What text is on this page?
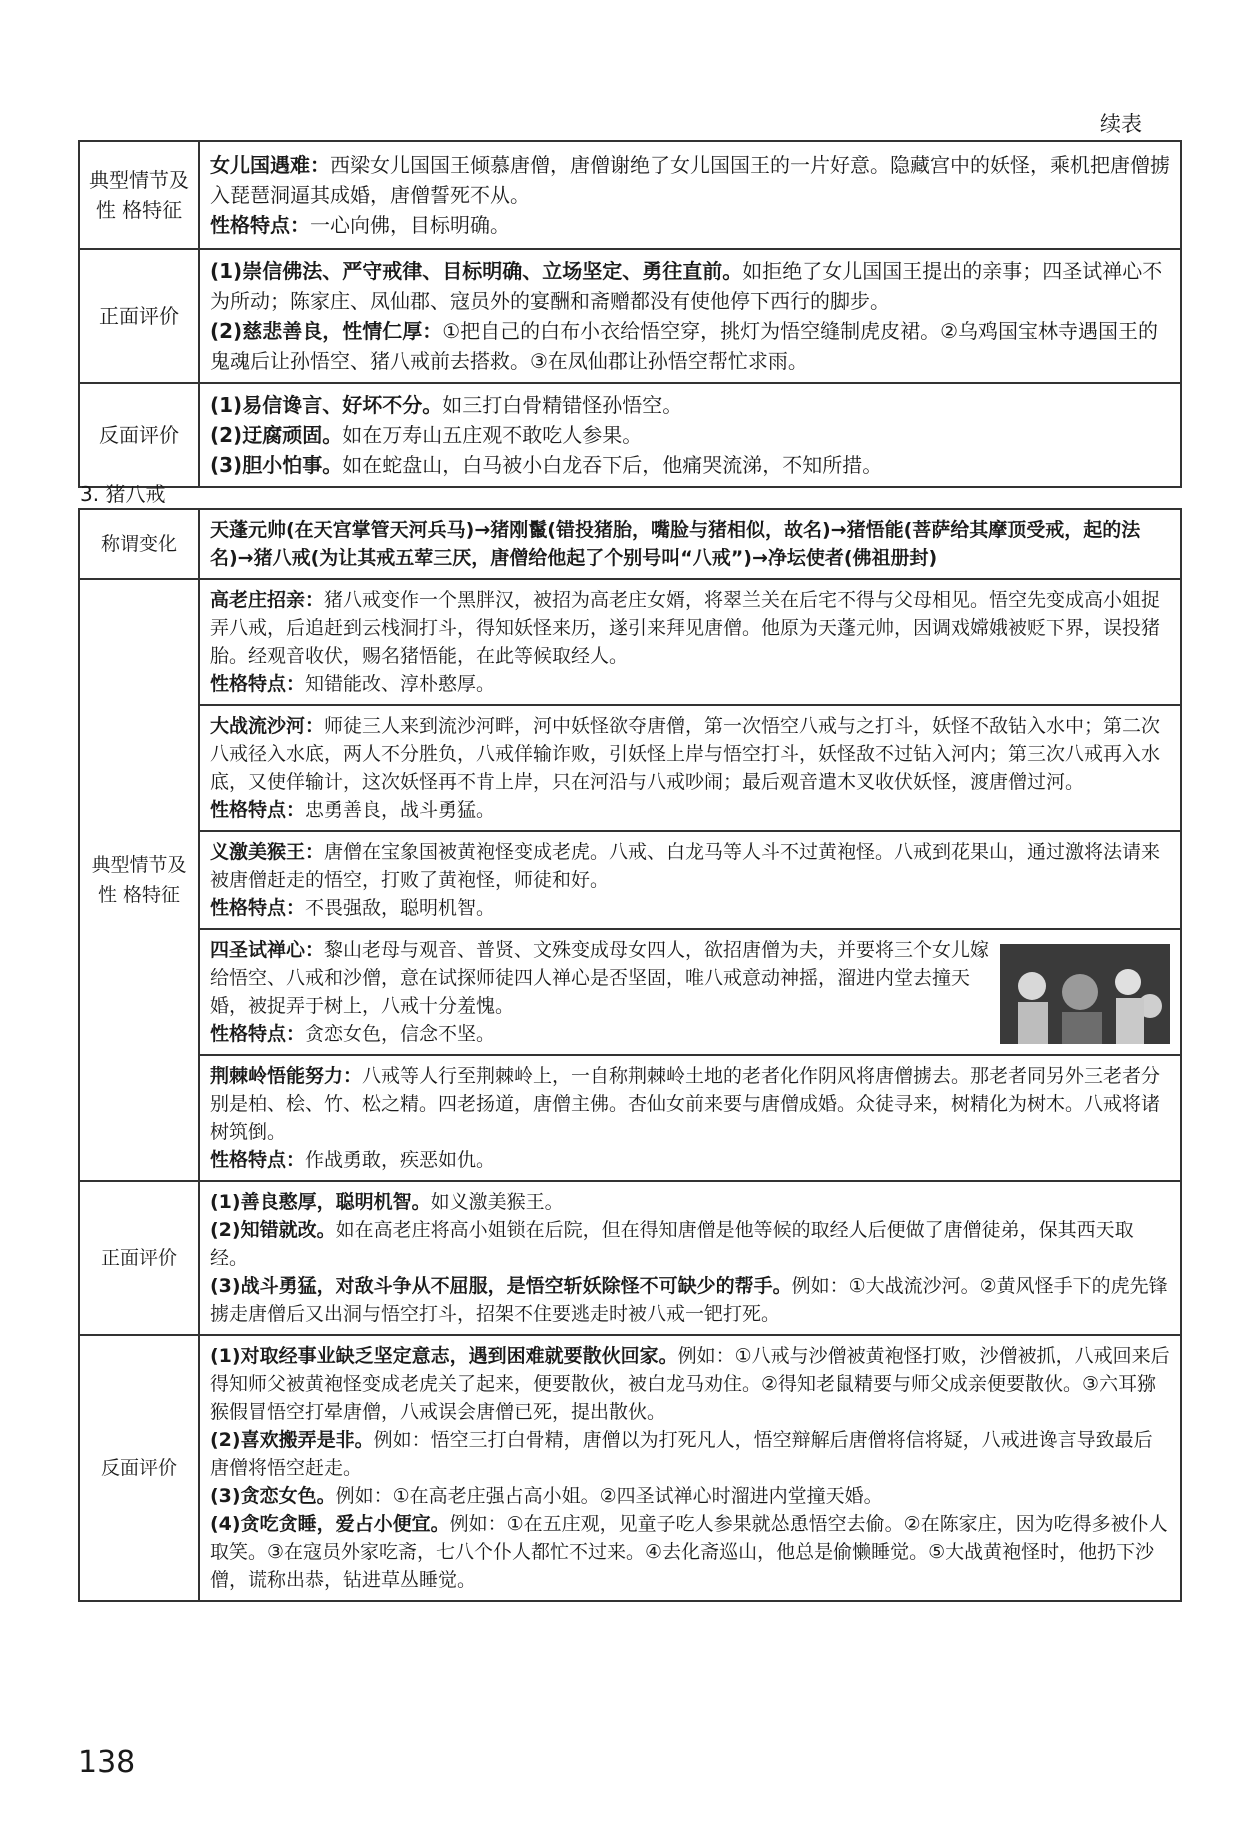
续表
典型情节及 性 格特征	女儿国遇难：西梁女儿国国王倾慕唐僧，唐僧谢绝了女儿国国王的一片好意。隐藏宫中的妖怪，乘机把唐僧掳入琵琶洞逼其成婚，唐僧誓死不从。
性格特点：一心向佛，目标明确。

正面评价	(1)崇信佛法、严守戒律、目标明确、立场坚定、勇往直前。如拒绝了女儿国国王提出的亲事；四圣试禅心不为所动；陈家庄、凤仙郡、寇员外的宴酬和斋赠都没有使他停下西行的脚步。
(2)慈悲善良，性情仁厚：①把自己的白布小衣给悟空穿，挑灯为悟空缝制虎皮裙。②乌鸡国宝林寺遇国王的鬼魂后让孙悟空、猪八戒前去搭救。③在凤仙郡让孙悟空帮忙求雨。

反面评价	(1)易信谗言、好坏不分。如三打白骨精错怪孙悟空。
(2)迂腐顽固。如在万寿山五庄观不敢吃人参果。
(3)胆小怕事。如在蛇盘山，白马被小白龙吞下后，他痛哭流涕，不知所措。
3. 猪八戒
称谓变化	天蓬元帅(在天宫掌管天河兵马)→猪刚鬣(错投猪胎，嘴脸与猪相似，故名)→猪悟能(菩萨给其摩顶受戒，起的法名)→猪八戒(为让其戒五荤三厌，唐僧给他起了个别号叫“八戒”)→净坛使者(佛祖册封)
典型情节及 性 格特征	高老庄招亲：猪八戒变作一个黑胖汉，被招为高老庄女婿，将翠兰关在后宅不得与父母相见。悟空先变成高小姐捉弄八戒，后追赶到云栈洞打斗，得知妖怪来历，遂引来拜见唐僧。他原为天蓬元帅，因调戏嫦娥被贬下界，误投猪胎。经观音收伏，赐名猪悟能，在此等候取经人。
性格特点：知错能改、淳朴憨厚。

	大战流沙河：师徒三人来到流沙河畔，河中妖怪欲夺唐僧，第一次悟空八戒与之打斗，妖怪不敌钻入水中；第二次八戒径入水底，两人不分胜负，八戒佯输诈败，引妖怪上岸与悟空打斗，妖怪敌不过钻入河内；第三次八戒再入水底，又使佯输计，这次妖怪再不肯上岸，只在河沿与八戒吵闹；最后观音遣木叉收伏妖怪，渡唐僧过河。
性格特点：忠勇善良，战斗勇猛。

	义激美猴王：唐僧在宝象国被黄袍怪变成老虎。八戒、白龙马等人斗不过黄袍怪。八戒到花果山，通过激将法请来被唐僧赶走的悟空，打败了黄袍怪，师徒和好。
性格特点：不畏强敌，聪明机智。

	四圣试禅心：黎山老母与观音、普贤、文殊变成母女四人，欲招唐僧为夫，并要将三个女儿嫁给悟空、八戒和沙僧，意在试探师徒四人禅心是否坚固，唯八戒意动神摇，溜进内堂去撞天婚，被捉弄于树上，八戒十分羞愧。
性格特点：贪恋女色，信念不坚。

	荆棘岭悟能努力：八戒等人行至荆棘岭上，一自称荆棘岭土地的老者化作阴风将唐僧掳去。那老者同另外三老者分别是柏、桧、竹、松之精。四老扬道，唐僧主佛。杏仙女前来要与唐僧成婚。众徒寻来，树精化为树木。八戒将诸树筑倒。
性格特点：作战勇敢，疾恶如仇。

正面评价	(1)善良憨厚，聪明机智。如义激美猴王。
(2)知错就改。如在高老庄将高小姐锁在后院，但在得知唐僧是他等候的取经人后便做了唐僧徒弟，保其西天取经。
(3)战斗勇猛，对敌斗争从不屈服，是悟空斩妖除怪不可缺少的帮手。例如：①大战流沙河。②黄风怪手下的虎先锋掳走唐僧后又出洞与悟空打斗，招架不住要逃走时被八戒一钯打死。

反面评价	(1)对取经事业缺乏坚定意志，遇到困难就要散伙回家。例如：①八戒与沙僧被黄袍怪打败，沙僧被抓，八戒回来后得知师父被黄袍怪变成老虎关了起来，便要散伙，被白龙马劝住。②得知老鼠精要与师父成亲便要散伙。③六耳猕猴假冒悟空打晕唐僧，八戒误会唐僧已死，提出散伙。
(2)喜欢搬弄是非。例如：悟空三打白骨精，唐僧以为打死凡人，悟空辩解后唐僧将信将疑，八戒进谗言导致最后唐僧将悟空赶走。
(3)贪恋女色。例如：①在高老庄强占高小姐。②四圣试禅心时溜进内堂撞天婚。
(4)贪吃贪睡，爱占小便宜。例如：①在五庄观，见童子吃人参果就怂恿悟空去偷。②在陈家庄，因为吃得多被仆人取笑。③在寇员外家吃斋，七八个仆人都忙不过来。④去化斋巡山，他总是偷懒睡觉。⑤大战黄袍怪时，他扔下沙僧，谎称出恭，钻进草丛睡觉。
138
